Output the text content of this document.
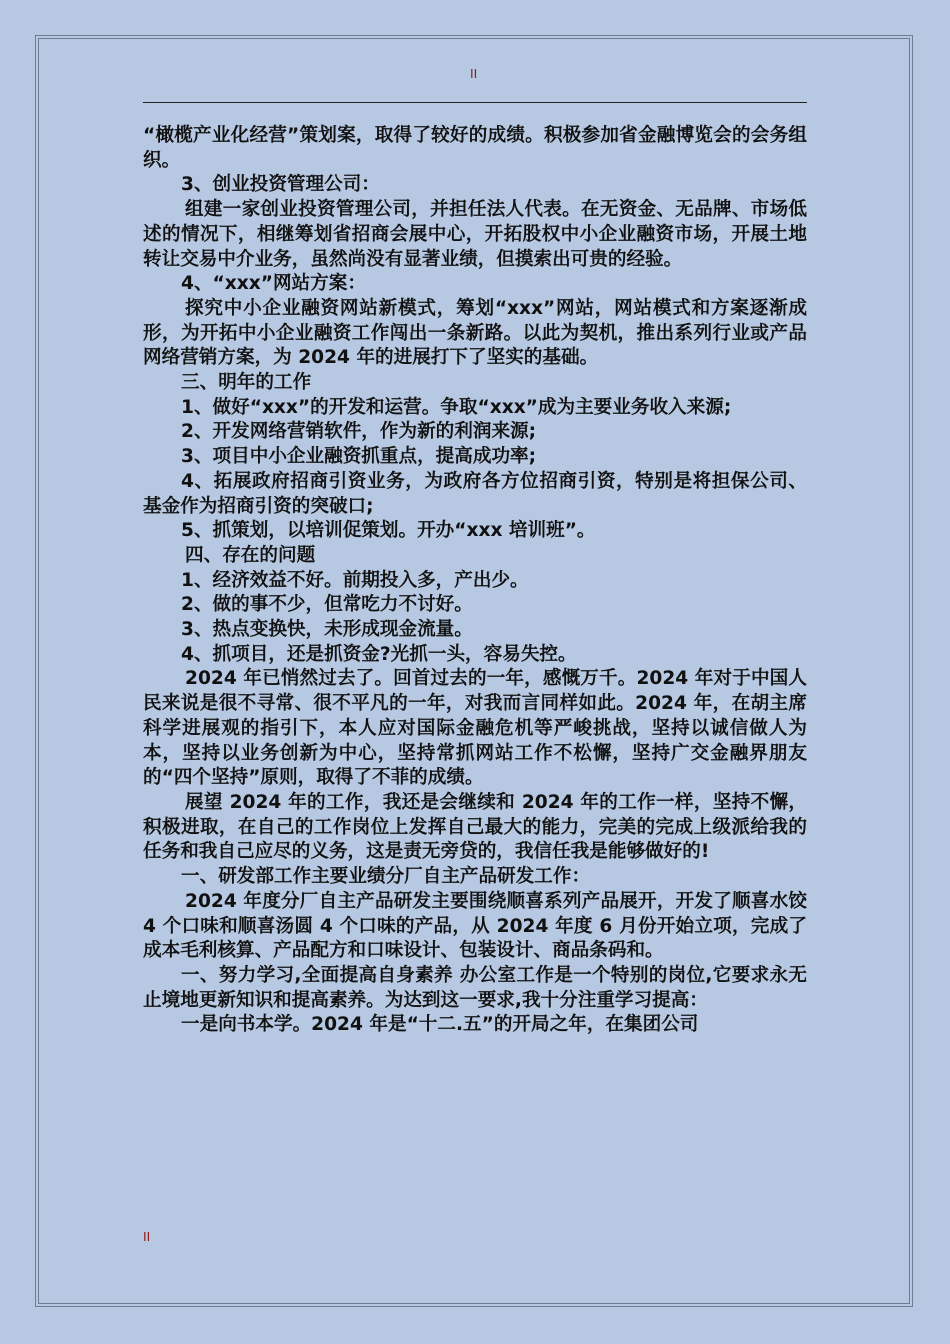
II

“橄榄产业化经营”策划案，取得了较好的成绩。积极参加省金融博览会的会务组织。

3、创业投资管理公司：

组建一家创业投资管理公司，并担任法人代表。在无资金、无品牌、市场低述的情况下，相继筹划省招商会展中心，开拓股权中小企业融资市场，开展土地转让交易中介业务，虽然尚没有显著业绩，但摸索出可贵的经验。

4、“xxx”网站方案：

探究中小企业融资网站新模式，筹划“xxx”网站，网站模式和方案逐渐成形，为开拓中小企业融资工作闯出一条新路。以此为契机，推出系列行业或产品网络营销方案，为 2024 年的进展打下了坚实的基础。

三、明年的工作

1、做好“xxx”的开发和运营。争取“xxx”成为主要业务收入来源;

2、开发网络营销软件，作为新的利润来源;

3、项目中小企业融资抓重点，提高成功率;

4、拓展政府招商引资业务，为政府各方位招商引资，特别是将担保公司、基金作为招商引资的突破口;

5、抓策划，以培训促策划。开办“xxx 培训班”。

四、存在的问题

1、经济效益不好。前期投入多，产出少。

2、做的事不少，但常吃力不讨好。

3、热点变换快，未形成现金流量。

4、抓项目，还是抓资金?光抓一头，容易失控。

2024 年已悄然过去了。回首过去的一年，感慨万千。2024 年对于中国人民来说是很不寻常、很不平凡的一年，对我而言同样如此。2024 年，在胡主席科学进展观的指引下，本人应对国际金融危机等严峻挑战，坚持以诚信做人为本，坚持以业务创新为中心，坚持常抓网站工作不松懈，坚持广交金融界朋友的“四个坚持”原则，取得了不菲的成绩。

展望 2024 年的工作，我还是会继续和 2024 年的工作一样，坚持不懈，积极进取，在自己的工作岗位上发挥自己最大的能力，完美的完成上级派给我的任务和我自己应尽的义务，这是责无旁贷的，我信任我是能够做好的!

一、研发部工作主要业绩分厂自主产品研发工作：

2024 年度分厂自主产品研发主要围绕顺喜系列产品展开，开发了顺喜水饺 4 个口味和顺喜汤圆 4 个口味的产品，从 2024 年度 6 月份开始立项，完成了成本毛利核算、产品配方和口味设计、包装设计、商品条码和。

一、努力学习,全面提高自身素养 办公室工作是一个特别的岗位,它要求永无止境地更新知识和提高素养。为达到这一要求,我十分注重学习提高：

一是向书本学。2024 年是“十二.五”的开局之年，在集团公司

II
